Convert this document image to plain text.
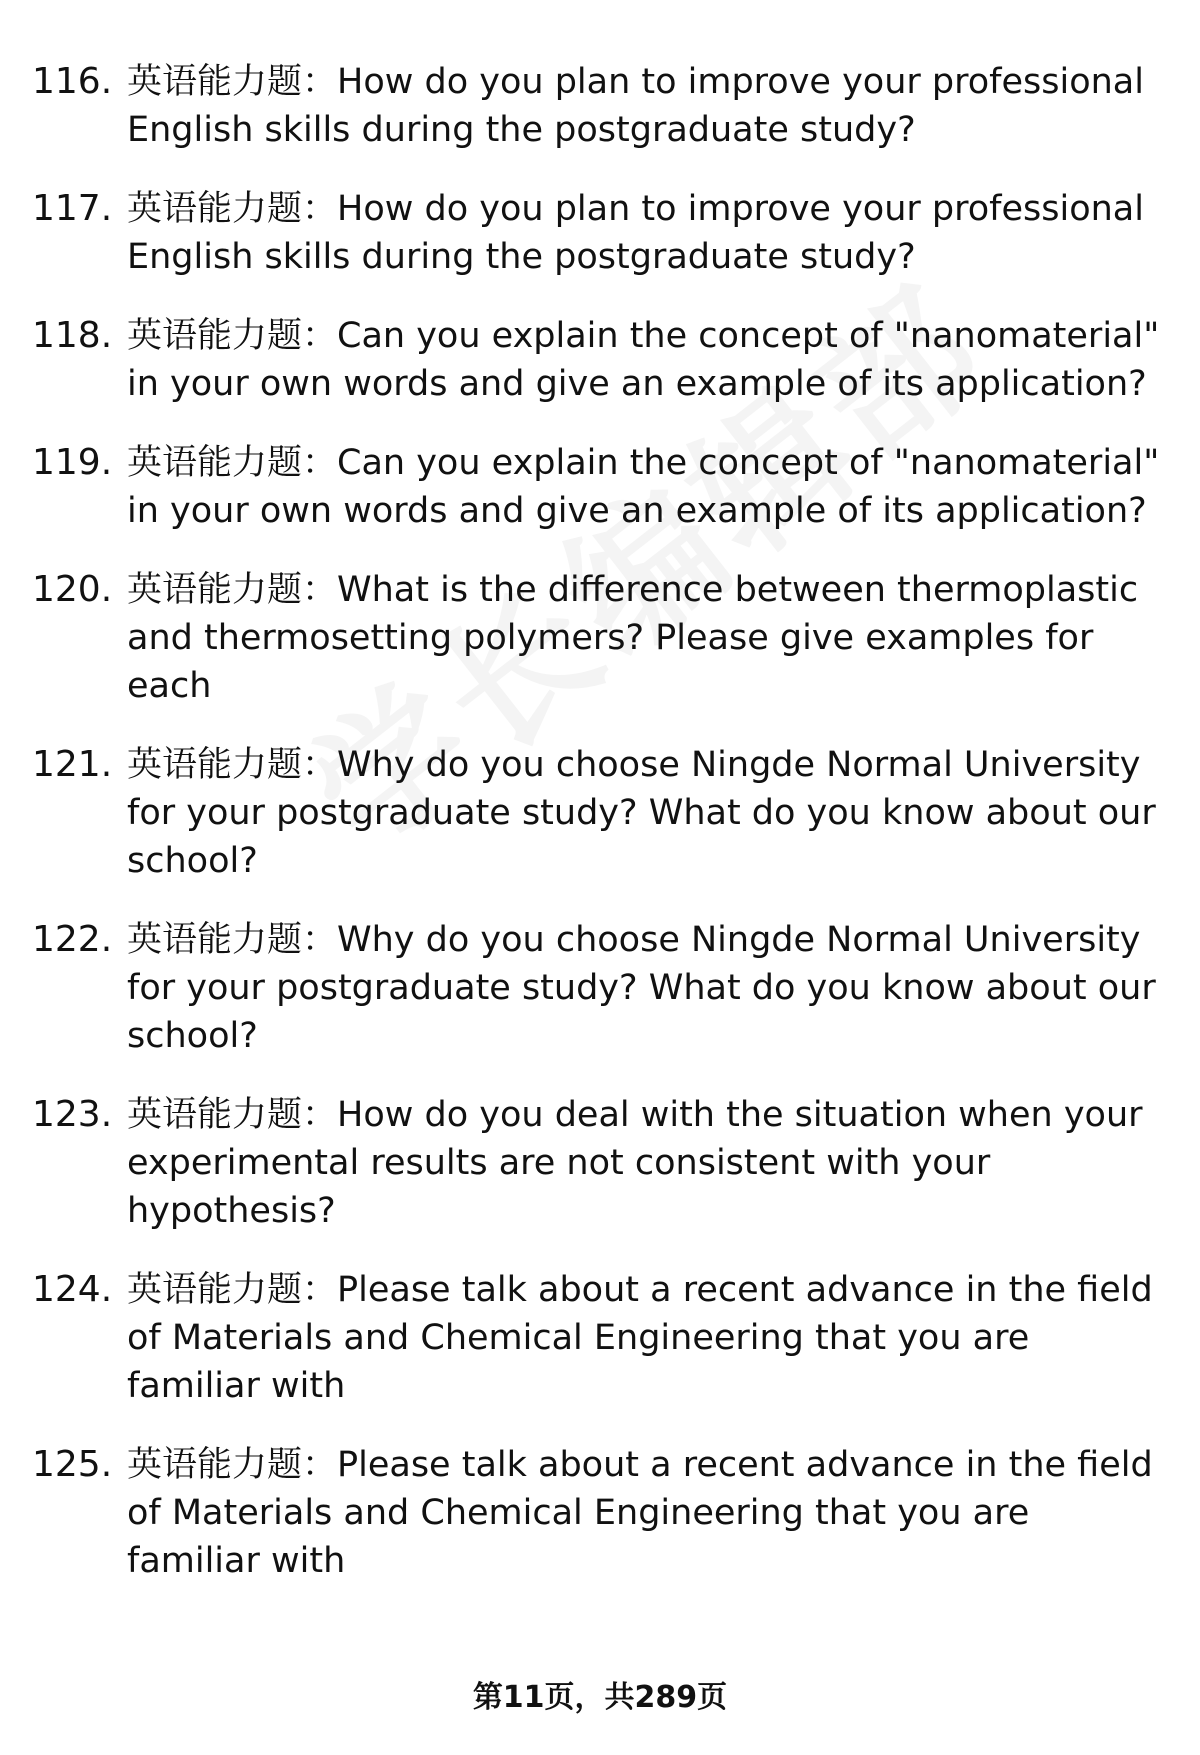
116. 英语能力题：How do you plan to improve your professional English skills during the postgraduate study?
117. 英语能力题：How do you plan to improve your professional English skills during the postgraduate study?
118. 英语能力题：Can you explain the concept of "nanomaterial" in your own words and give an example of its application?
119. 英语能力题：Can you explain the concept of "nanomaterial" in your own words and give an example of its application?
120. 英语能力题：What is the difference between thermoplastic and thermosetting polymers? Please give examples for each
121. 英语能力题：Why do you choose Ningde Normal University for your postgraduate study? What do you know about our school?
122. 英语能力题：Why do you choose Ningde Normal University for your postgraduate study? What do you know about our school?
123. 英语能力题：How do you deal with the situation when your experimental results are not consistent with your hypothesis?
124. 英语能力题：Please talk about a recent advance in the field of Materials and Chemical Engineering that you are familiar with
125. 英语能力题：Please talk about a recent advance in the field of Materials and Chemical Engineering that you are familiar with
第11页，共289页
